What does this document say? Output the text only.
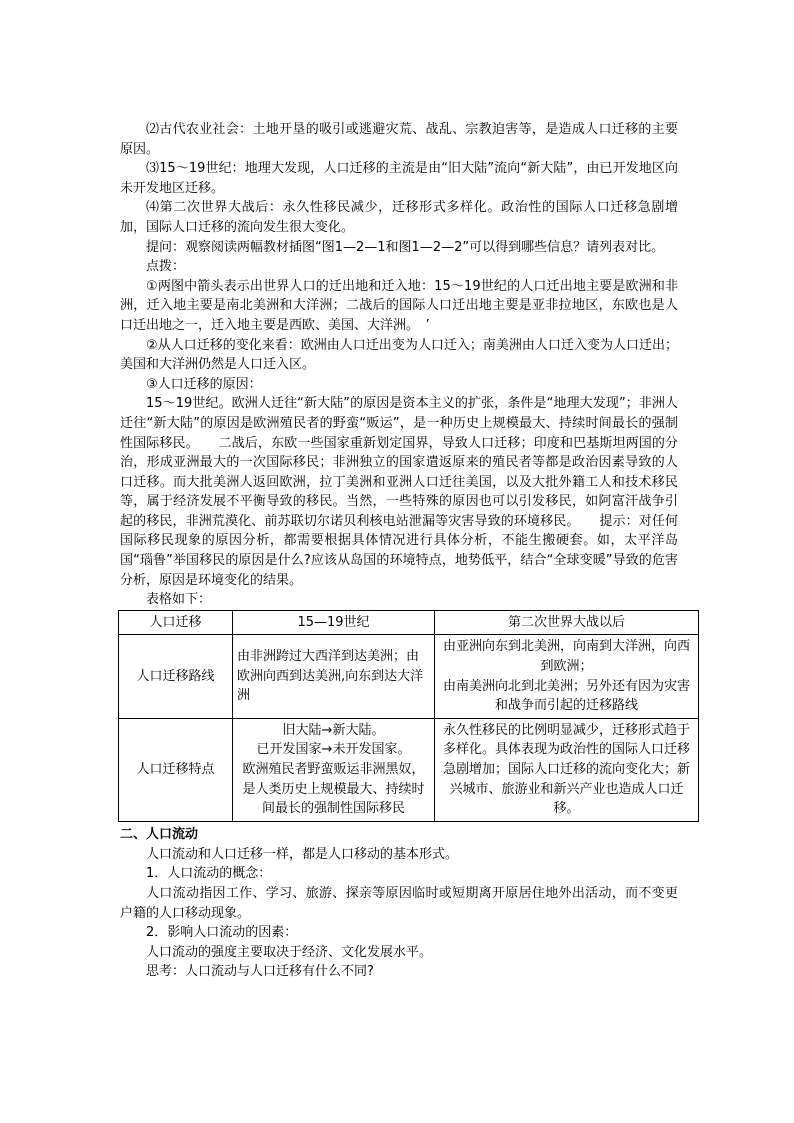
⑵古代农业社会：土地开垦的吸引或逃避灾荒、战乱、宗教迫害等，是造成人口迁移的主要原因。

⑶15～19世纪：地理大发现，人口迁移的主流是由“旧大陆”流向“新大陆”，由已开发地区向未开发地区迁移。

⑷第二次世界大战后：永久性移民减少，迁移形式多样化。政治性的国际人口迁移急剧增加，国际人口迁移的流向发生很大变化。

提问：观察阅读两幅教材插图“图1—2—1和图1—2—2”可以得到哪些信息？请列表对比。

点拨：

①两图中箭头表示出世界人口的迁出地和迁入地：15～19世纪的人口迁出地主要是欧洲和非洲，迁入地主要是南北美洲和大洋洲；二战后的国际人口迁出地主要是亚非拉地区，东欧也是人口迁出地之一，迁入地主要是西欧、美国、大洋洲。　’

②从人口迁移的变化来看：欧洲由人口迁出变为人口迁入；南美洲由人口迁入变为人口迁出；美国和大洋洲仍然是人口迁入区。

③人口迁移的原因：

15～19世纪。欧洲人迁往“新大陆”的原因是资本主义的扩张，条件是“地理大发现”；非洲人迁往“新大陆”的原因是欧洲殖民者的野蛮“贩运”，是一种历史上规模最大、持续时间最长的强制性国际移民。　　二战后，东欧一些国家重新划定国界，导致人口迁移；印度和巴基斯坦两国的分治，形成亚洲最大的一次国际移民；非洲独立的国家遣返原来的殖民者等都是政治因素导致的人口迁移。而大批美洲人返回欧洲，拉丁美洲和亚洲人口迁往美国，以及大批外籍工人和技术移民等，属于经济发展不平衡导致的移民。当然，一些特殊的原因也可以引发移民，如阿富汗战争引起的移民，非洲荒漠化、前苏联切尔诺贝利核电站泄漏等灾害导致的环境移民。　　提示：对任何国际移民现象的原因分析，都需要根据具体情况进行具体分析，不能生搬硬套。如，太平洋岛国“瑙鲁”举国移民的原因是什么?应该从岛国的环境特点，地势低平，结合“全球变暖”导致的危害分析，原因是环境变化的结果。

表格如下：

人口迁移	15—19世纪	第二次世界大战以后
人口迁移路线	由非洲跨过大西洋到达美洲；由欧洲向西到达美洲,向东到达大洋洲	由亚洲向东到北美洲，向南到大洋洲，向西到欧洲；
由南美洲向北到北美洲；另外还有因为灾害和战争而引起的迁移路线

人口迁移特点	旧大陆→新大陆。
已开发国家→未开发国家。
欧洲殖民者野蛮贩运非洲黑奴，是人类历史上规模最大、持续时间最长的强制性国际移民	永久性移民的比例明显减少，迁移形式趋于多样化。具体表现为政治性的国际人口迁移急剧增加；国际人口迁移的流向变化大；新兴城市、旅游业和新兴产业也造成人口迁移。

二、人口流动

人口流动和人口迁移一样，都是人口移动的基本形式。

1．人口流动的概念：

人口流动指因工作、学习、旅游、探亲等原因临时或短期离开原居住地外出活动，而不变更户籍的人口移动现象。

2．影响人口流动的因素：

人口流动的强度主要取决于经济、文化发展水平。

思考：人口流动与人口迁移有什么不同?
